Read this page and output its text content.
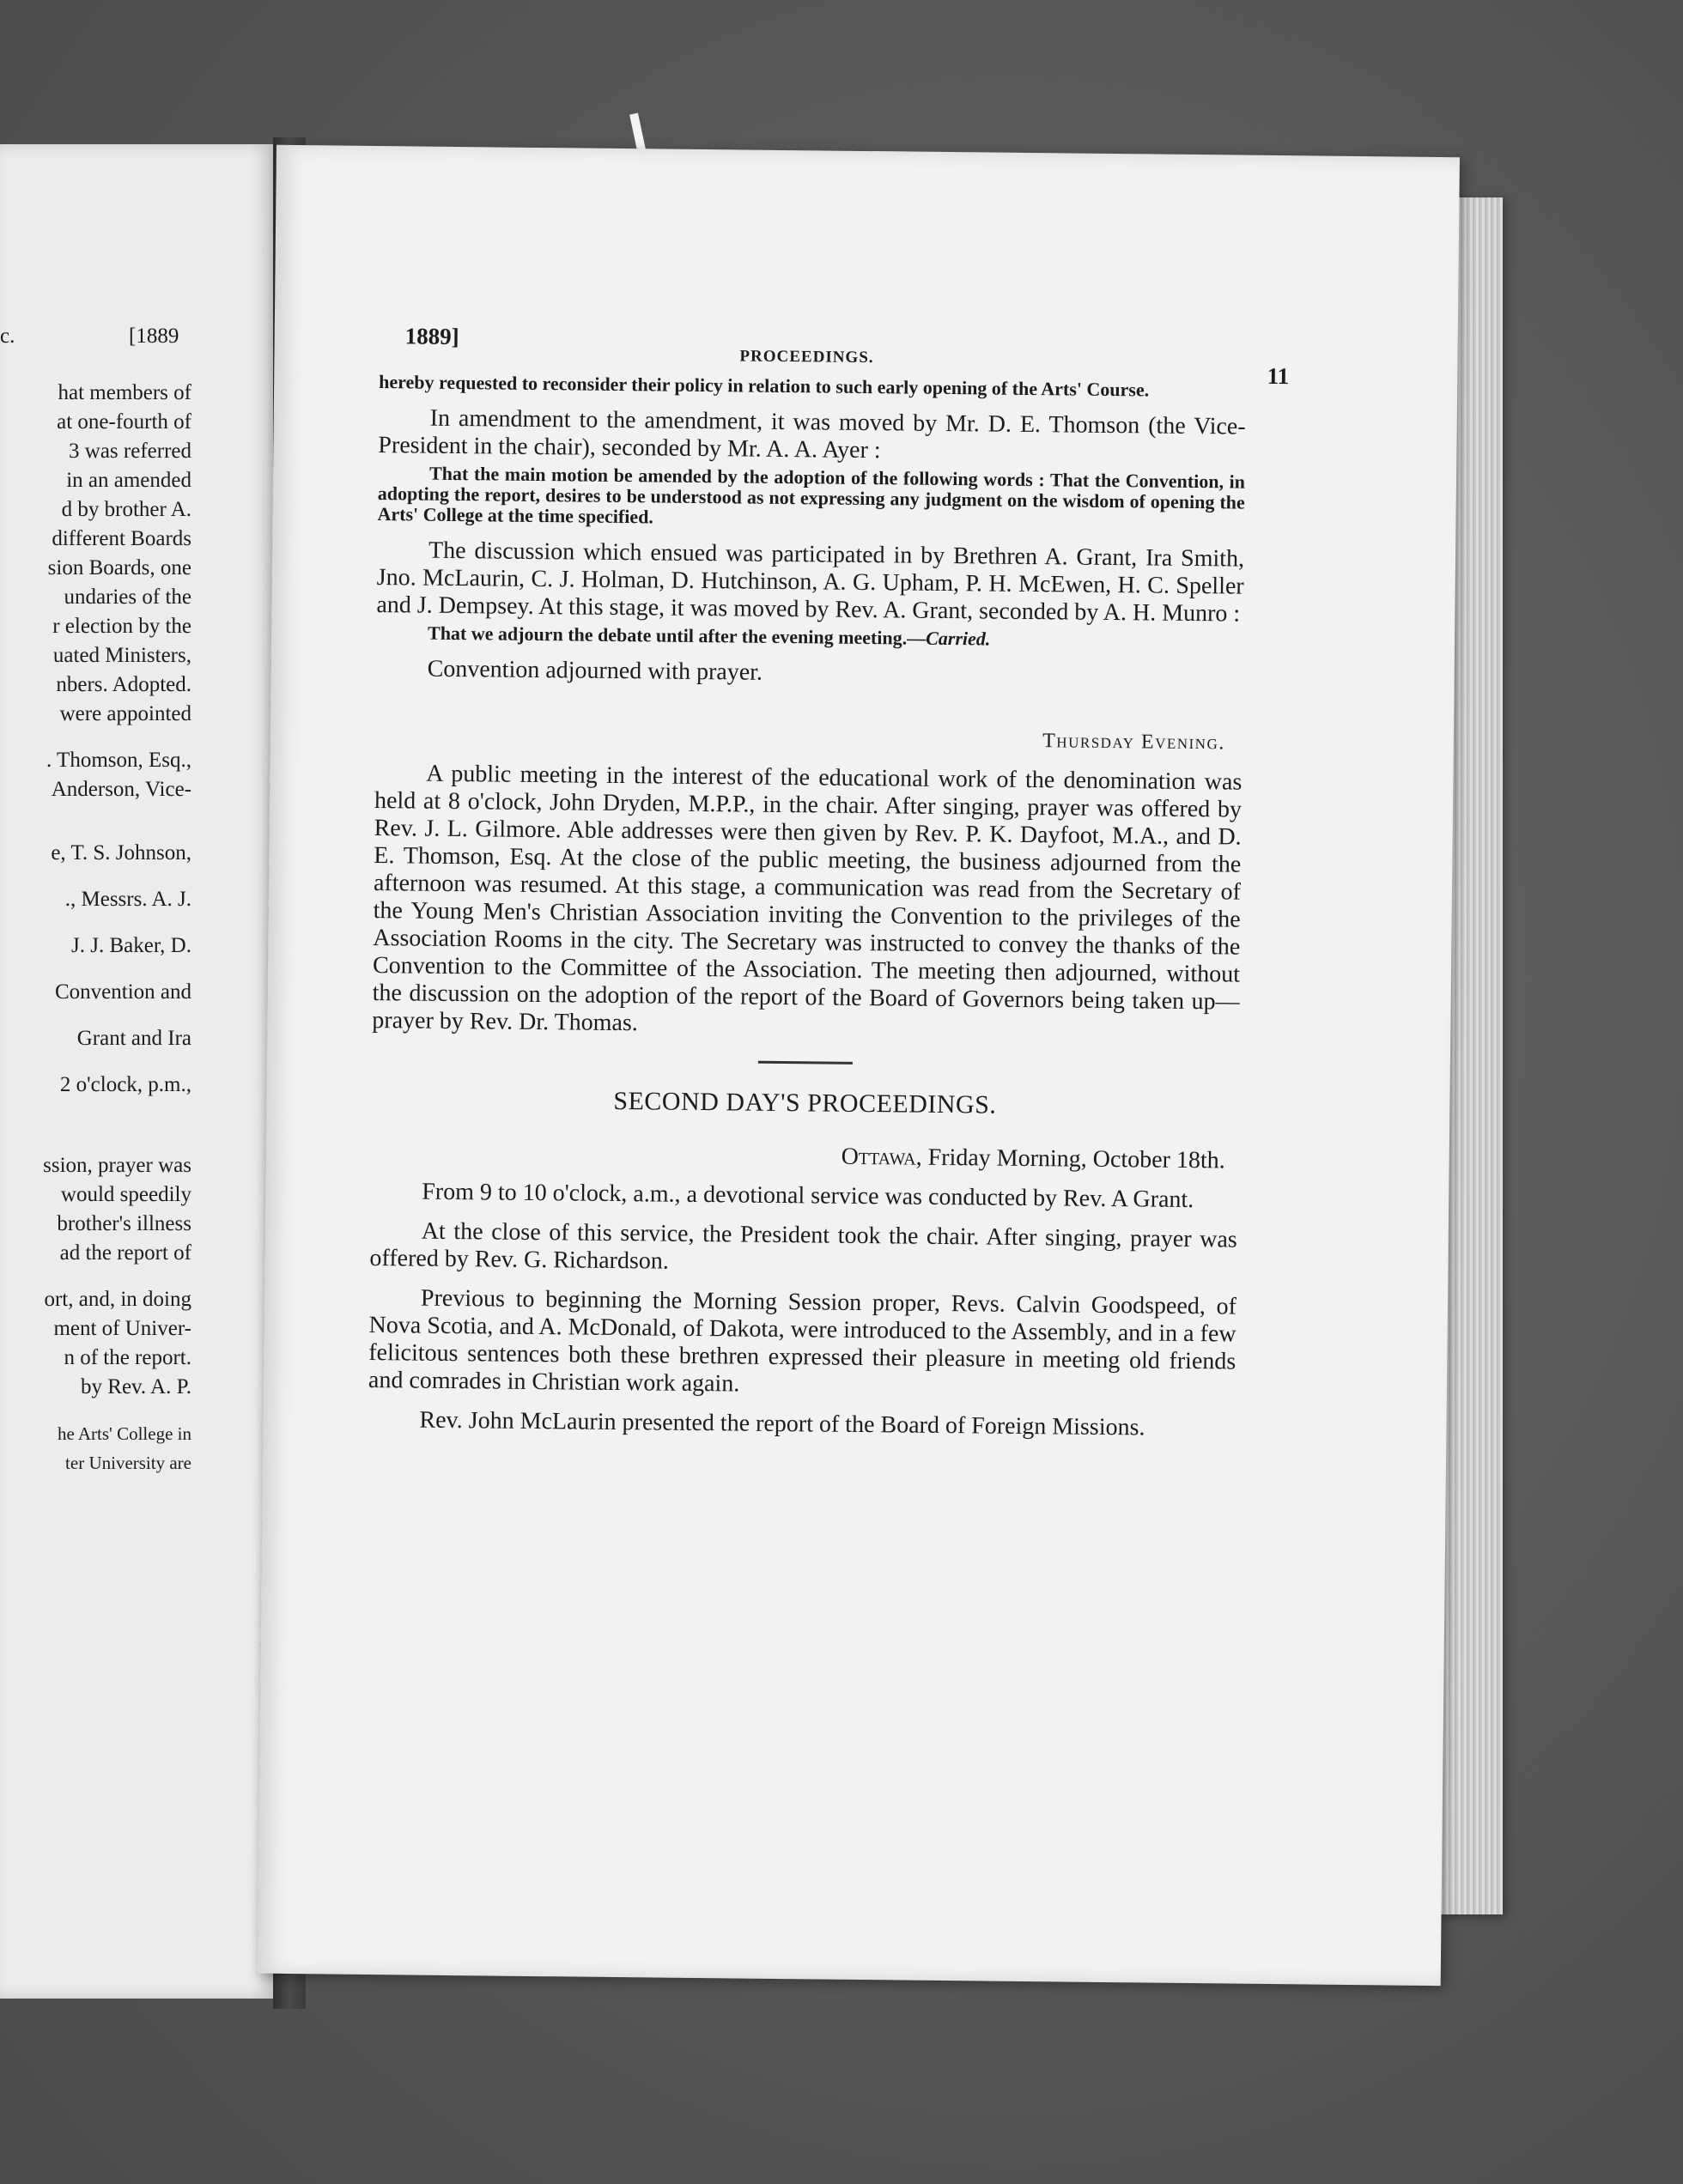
c.	[1889
hat members of
at one-fourth of
3 was referred
in an amended
d by brother A.
different Boards
sion Boards, one
undaries of the
r election by the
uated Ministers,
nbers. Adopted.
were appointed
. Thomson, Esq.,
Anderson, Vice-
e, T. S. Johnson,
., Messrs. A. J.
J. J. Baker, D.
Convention and
Grant and Ira
2 o'clock, p.m.,
ssion, prayer was
would speedily
brother's illness
ad the report of
ort, and, in doing
ment of Univer-
n of the report.
by Rev. A. P.
he Arts' College in
ter University are
1889]
PROCEEDINGS.
11

hereby requested to reconsider their policy in relation to such early opening of the Arts' Course.

In amendment to the amendment, it was moved by Mr. D. E. Thomson (the Vice-President in the chair), seconded by Mr. A. A. Ayer :

That the main motion be amended by the adoption of the following words : That the Convention, in adopting the report, desires to be understood as not expressing any judgment on the wisdom of opening the Arts' College at the time specified.

The discussion which ensued was participated in by Brethren A. Grant, Ira Smith, Jno. McLaurin, C. J. Holman, D. Hutchinson, A. G. Upham, P. H. McEwen, H. C. Speller and J. Dempsey. At this stage, it was moved by Rev. A. Grant, seconded by A. H. Munro :

That we adjourn the debate until after the evening meeting.—Carried.

Convention adjourned with prayer.

Thursday Evening.

A public meeting in the interest of the educational work of the denomination was held at 8 o'clock, John Dryden, M.P.P., in the chair. After singing, prayer was offered by Rev. J. L. Gilmore. Able addresses were then given by Rev. P. K. Dayfoot, M.A., and D. E. Thomson, Esq. At the close of the public meeting, the business adjourned from the afternoon was resumed. At this stage, a communication was read from the Secretary of the Young Men's Christian Association inviting the Convention to the privileges of the Association Rooms in the city. The Secretary was instructed to convey the thanks of the Convention to the Committee of the Association. The meeting then adjourned, without the discussion on the adoption of the report of the Board of Governors being taken up—prayer by Rev. Dr. Thomas.

SECOND DAY'S PROCEEDINGS.

Ottawa, Friday Morning, October 18th.

From 9 to 10 o'clock, a.m., a devotional service was conducted by Rev. A Grant.

At the close of this service, the President took the chair. After singing, prayer was offered by Rev. G. Richardson.

Previous to beginning the Morning Session proper, Revs. Calvin Goodspeed, of Nova Scotia, and A. McDonald, of Dakota, were introduced to the Assembly, and in a few felicitous sentences both these brethren expressed their pleasure in meeting old friends and comrades in Christian work again.

Rev. John McLaurin presented the report of the Board of Foreign Missions.
